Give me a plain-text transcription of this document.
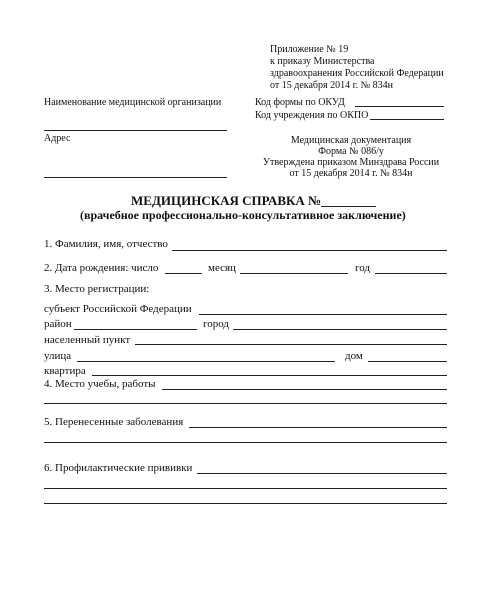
Приложение № 19
к приказу Министерства
здравоохранения Российской Федерации
от 15 декабря 2014 г. № 834н
Наименование медицинской организации
Адрес
Код формы по ОКУД
Код учреждения по ОКПО
Медицинская документация
Форма № 086/у
Утверждена приказом Минздрава России
от 15 декабря 2014 г. № 834н
МЕДИЦИНСКАЯ СПРАВКА №
(врачебное профессионально-консультативное заключение)
1. Фамилия, имя, отчество
2. Дата рождения: число	месяц	год
3. Место регистрации:
субъект Российской Федерации
район	город
населенный пункт
улица	дом
квартира
4. Место учебы, работы
5. Перенесенные заболевания
6. Профилактические прививки
